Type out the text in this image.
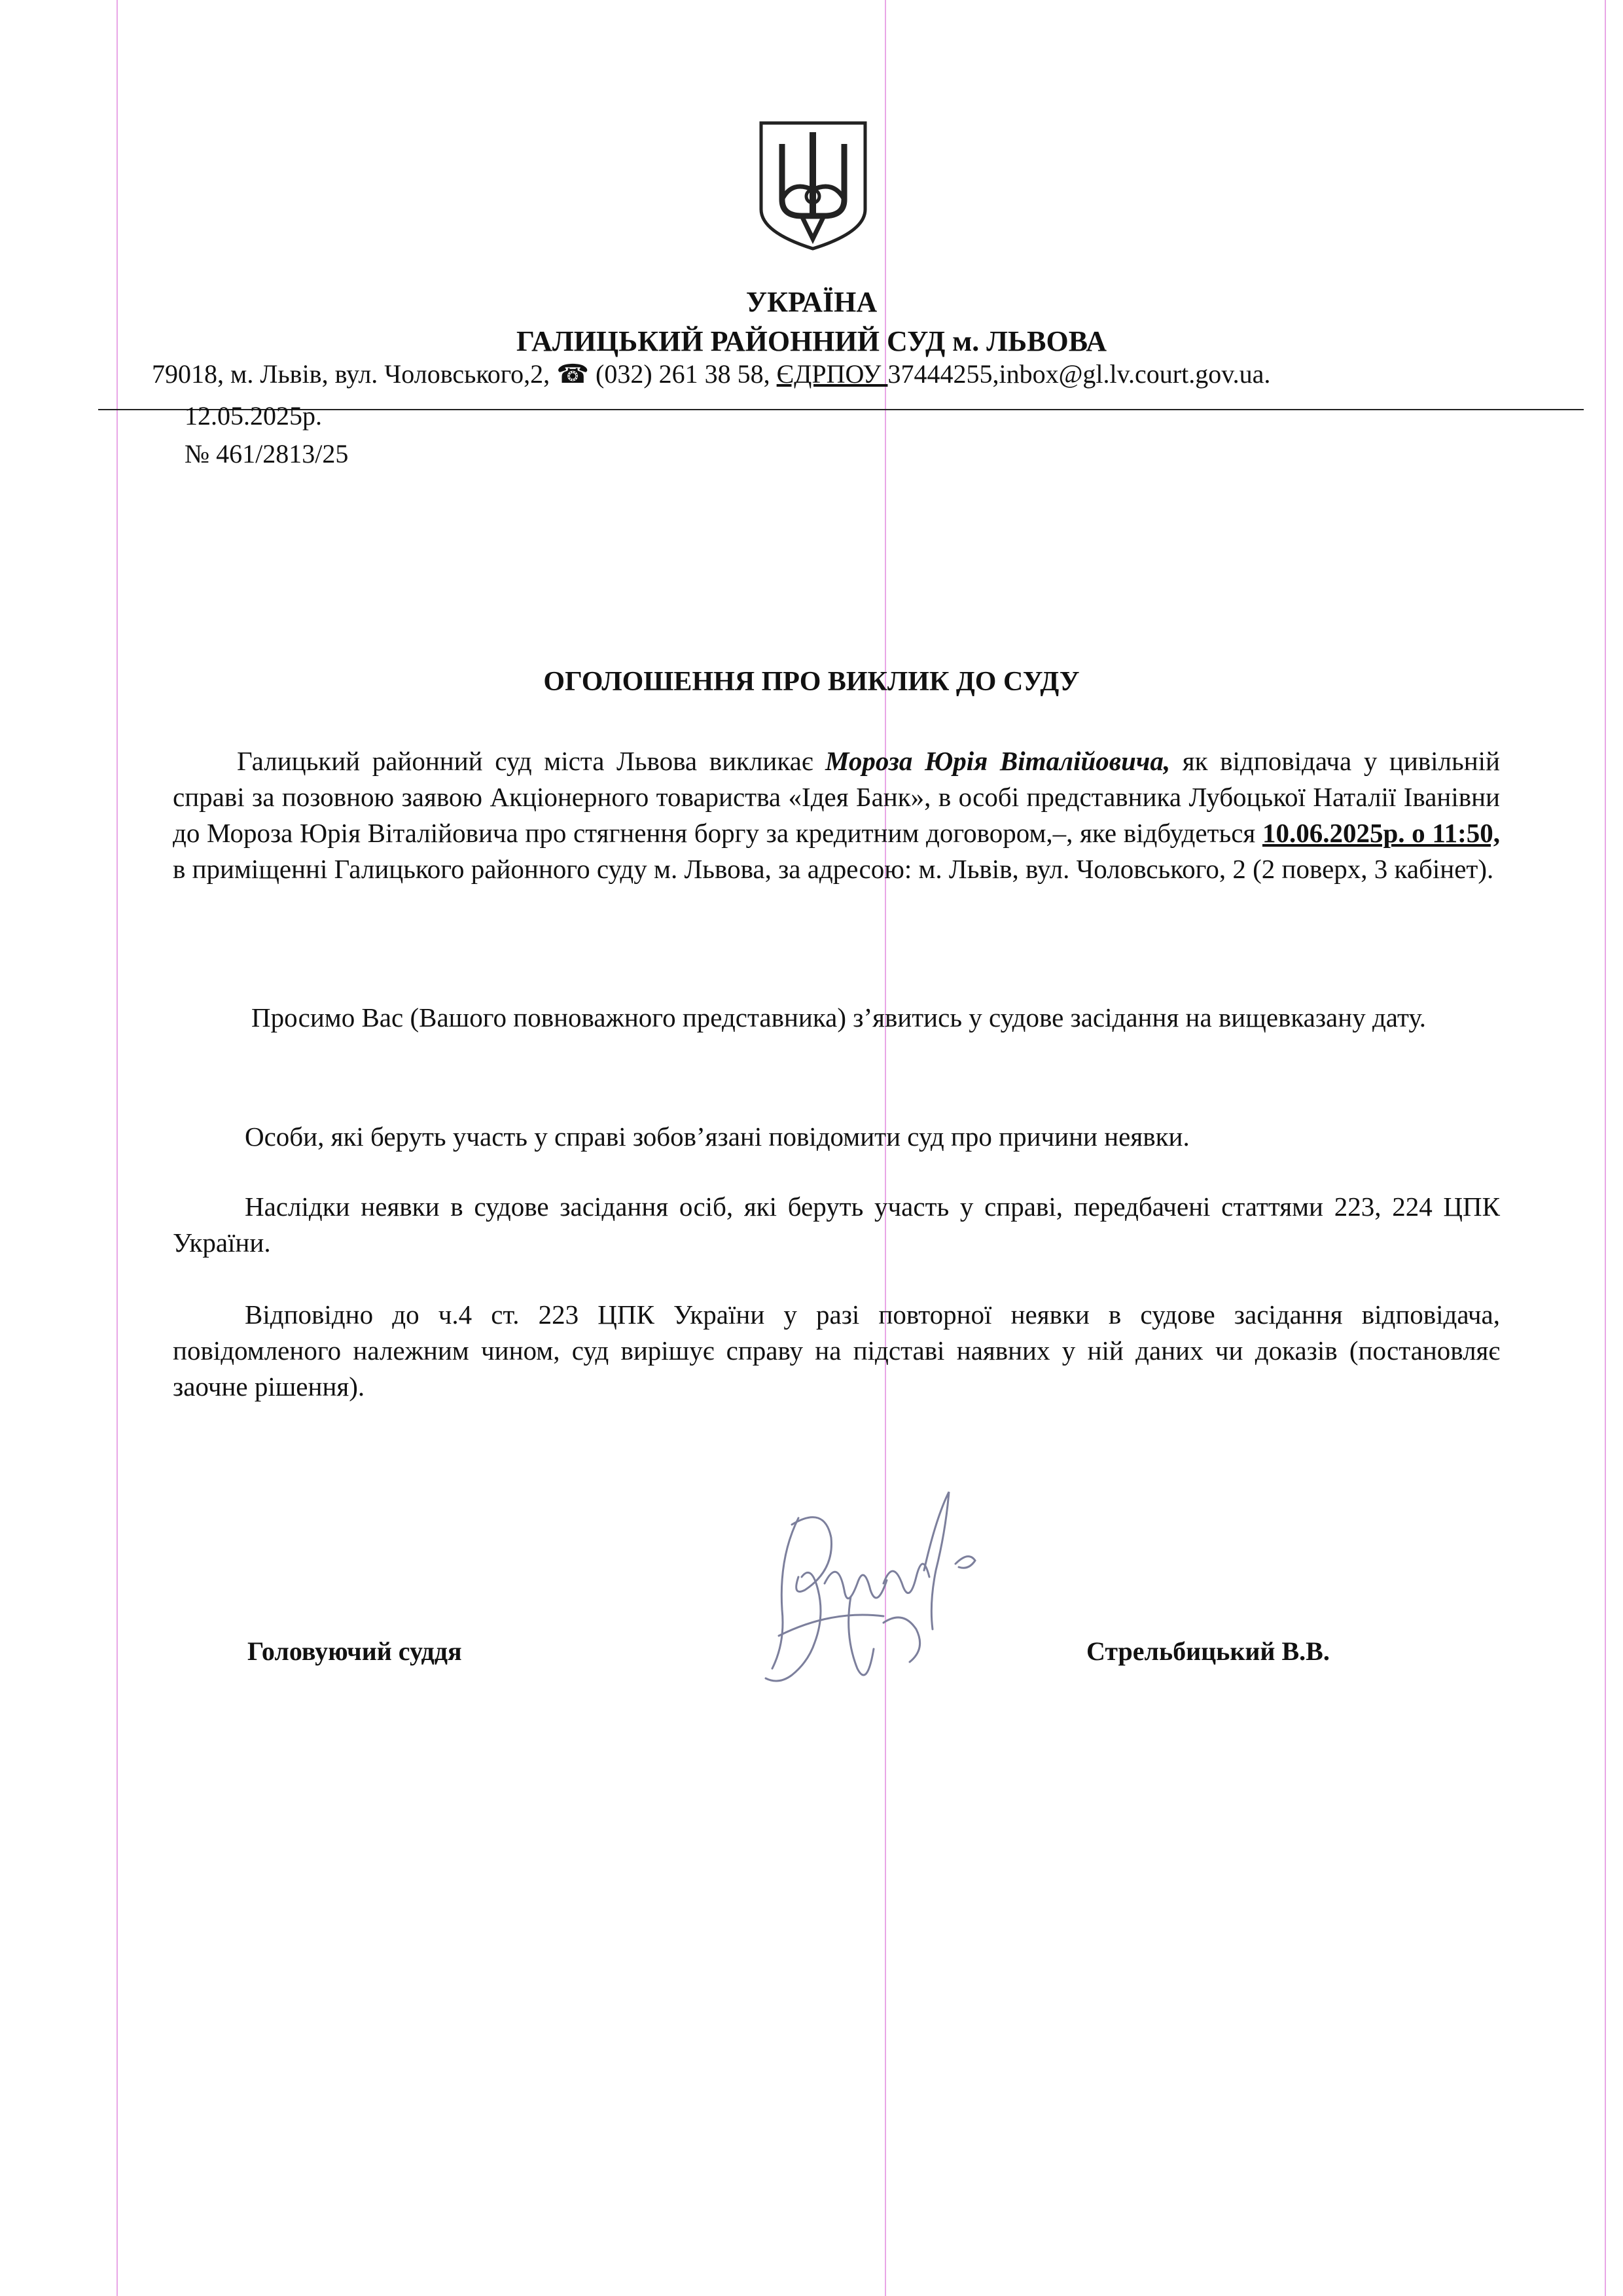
УКРАЇНА
ГАЛИЦЬКИЙ РАЙОННИЙ СУД м. ЛЬВОВА
79018, м. Львів, вул. Чоловського,2, ☎ (032) 261 38 58, ЄДРПОУ 37444255,inbox@gl.lv.court.gov.ua.
12.05.2025р.
№ 461/2813/25
ОГОЛОШЕННЯ ПРО ВИКЛИК ДО СУДУ
Галицький районний суд міста Львова викликає Мороза Юрія Віталійовича, як відповідача у цивільній справі за позовною заявою Акціонерного товариства «Ідея Банк», в особі представника Лубоцької Наталії Іванівни до Мороза Юрія Віталійовича про стягнення боргу за кредитним договором,–, яке відбудеться 10.06.2025р. о 11:50, в приміщенні Галицького районного суду м. Львова, за адресою: м. Львів, вул. Чоловського, 2 (2 поверх, 3 кабінет).
Просимо Вас (Вашого повноважного представника) з’явитись у судове засідання на вищевказану дату.
Особи, які беруть участь у справі зобов’язані повідомити суд про причини неявки.
Наслідки неявки в судове засідання осіб, які беруть участь у справі, передбачені статтями 223, 224 ЦПК України.
Відповідно до ч.4 ст. 223 ЦПК України у разі повторної неявки в судове засідання відповідача, повідомленого належним чином, суд вирішує справу на підставі наявних у ній даних чи доказів (постановляє заочне рішення).
Головуючий суддя	Стрельбицький В.В.
